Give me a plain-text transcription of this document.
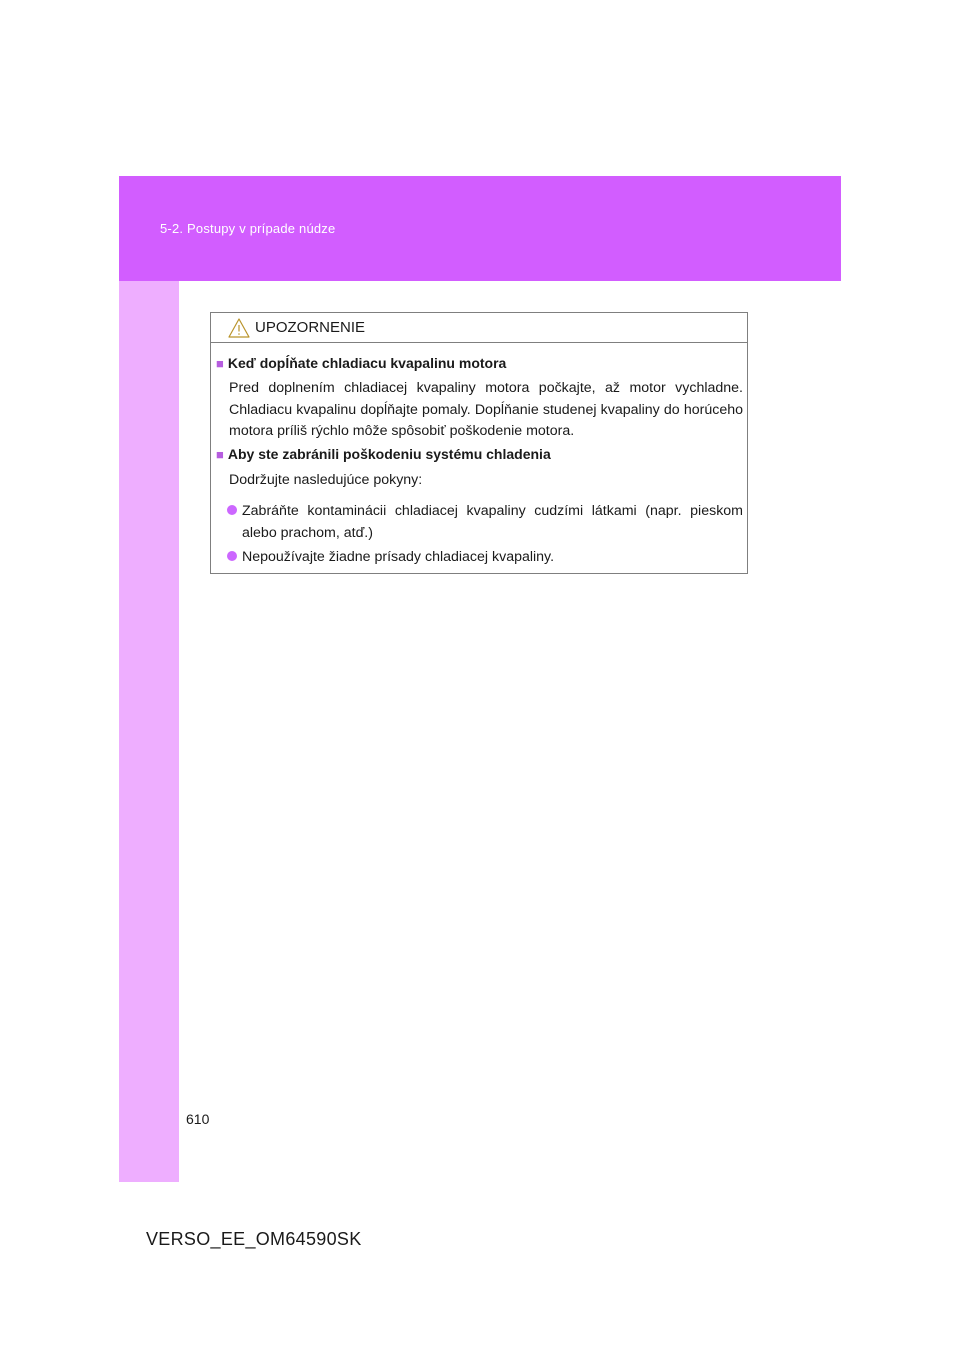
5-2. Postupy v prípade núdze
UPOZORNENIE
■ Keď dopĺňate chladiacu kvapalinu motora
Pred doplnením chladiacej kvapaliny motora počkajte, až motor vychladne. Chladiacu kvapalinu dopĺňajte pomaly. Dopĺňanie studenej kvapaliny do horúceho motora príliš rýchlo môže spôsobiť poškodenie motora.
■ Aby ste zabránili poškodeniu systému chladenia
Dodržujte nasledujúce pokyny:
Zabráňte kontaminácii chladiacej kvapaliny cudzími látkami (napr. pieskom alebo prachom, atď.)
Nepoužívajte žiadne prísady chladiacej kvapaliny.
610
VERSO_EE_OM64590SK
